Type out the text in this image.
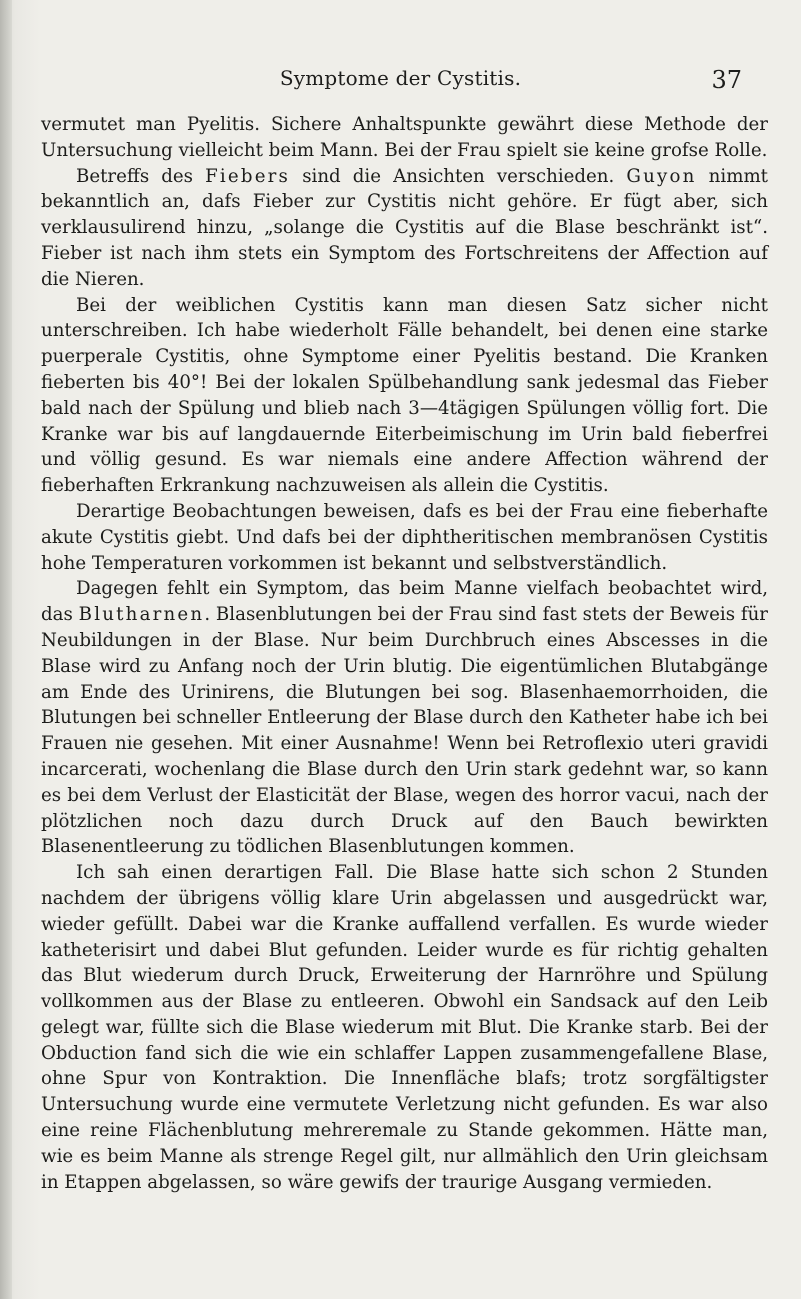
Symptome der Cystitis.	37

vermutet man Pyelitis. Sichere Anhaltspunkte gewährt diese Methode der Untersuchung vielleicht beim Mann. Bei der Frau spielt sie keine grofse Rolle.

Betreffs des Fiebers sind die Ansichten verschieden. Guyon nimmt bekanntlich an, dafs Fieber zur Cystitis nicht gehöre. Er fügt aber, sich verklausulirend hinzu, „solange die Cystitis auf die Blase beschränkt ist“. Fieber ist nach ihm stets ein Symptom des Fortschreitens der Affection auf die Nieren.

Bei der weiblichen Cystitis kann man diesen Satz sicher nicht unterschreiben. Ich habe wiederholt Fälle behandelt, bei denen eine starke puerperale Cystitis, ohne Symptome einer Pyelitis bestand. Die Kranken fieberten bis 40°! Bei der lokalen Spülbehandlung sank jedesmal das Fieber bald nach der Spülung und blieb nach 3—4tägigen Spülungen völlig fort. Die Kranke war bis auf langdauernde Eiterbeimischung im Urin bald fieberfrei und völlig gesund. Es war niemals eine andere Affection während der fieberhaften Erkrankung nachzuweisen als allein die Cystitis.

Derartige Beobachtungen beweisen, dafs es bei der Frau eine fieberhafte akute Cystitis giebt. Und dafs bei der diphtheritischen membranösen Cystitis hohe Temperaturen vorkommen ist bekannt und selbstverständlich.

Dagegen fehlt ein Symptom, das beim Manne vielfach beobachtet wird, das Blutharnen. Blasenblutungen bei der Frau sind fast stets der Beweis für Neubildungen in der Blase. Nur beim Durchbruch eines Abscesses in die Blase wird zu Anfang noch der Urin blutig. Die eigentümlichen Blutabgänge am Ende des Urinirens, die Blutungen bei sog. Blasenhaemorrhoiden, die Blutungen bei schneller Entleerung der Blase durch den Katheter habe ich bei Frauen nie gesehen. Mit einer Ausnahme! Wenn bei Retroflexio uteri gravidi incarcerati, wochenlang die Blase durch den Urin stark gedehnt war, so kann es bei dem Verlust der Elasticität der Blase, wegen des horror vacui, nach der plötzlichen noch dazu durch Druck auf den Bauch bewirkten Blasenentleerung zu tödlichen Blasenblutungen kommen.

Ich sah einen derartigen Fall. Die Blase hatte sich schon 2 Stunden nachdem der übrigens völlig klare Urin abgelassen und ausgedrückt war, wieder gefüllt. Dabei war die Kranke auffallend verfallen. Es wurde wieder katheterisirt und dabei Blut gefunden. Leider wurde es für richtig gehalten das Blut wiederum durch Druck, Erweiterung der Harnröhre und Spülung vollkommen aus der Blase zu entleeren. Obwohl ein Sandsack auf den Leib gelegt war, füllte sich die Blase wiederum mit Blut. Die Kranke starb. Bei der Obduction fand sich die wie ein schlaffer Lappen zusammengefallene Blase, ohne Spur von Kontraktion. Die Innenfläche blafs; trotz sorgfältigster Untersuchung wurde eine vermutete Verletzung nicht gefunden. Es war also eine reine Flächenblutung mehreremale zu Stande gekommen. Hätte man, wie es beim Manne als strenge Regel gilt, nur allmählich den Urin gleichsam in Etappen abgelassen, so wäre gewifs der traurige Ausgang vermieden.
